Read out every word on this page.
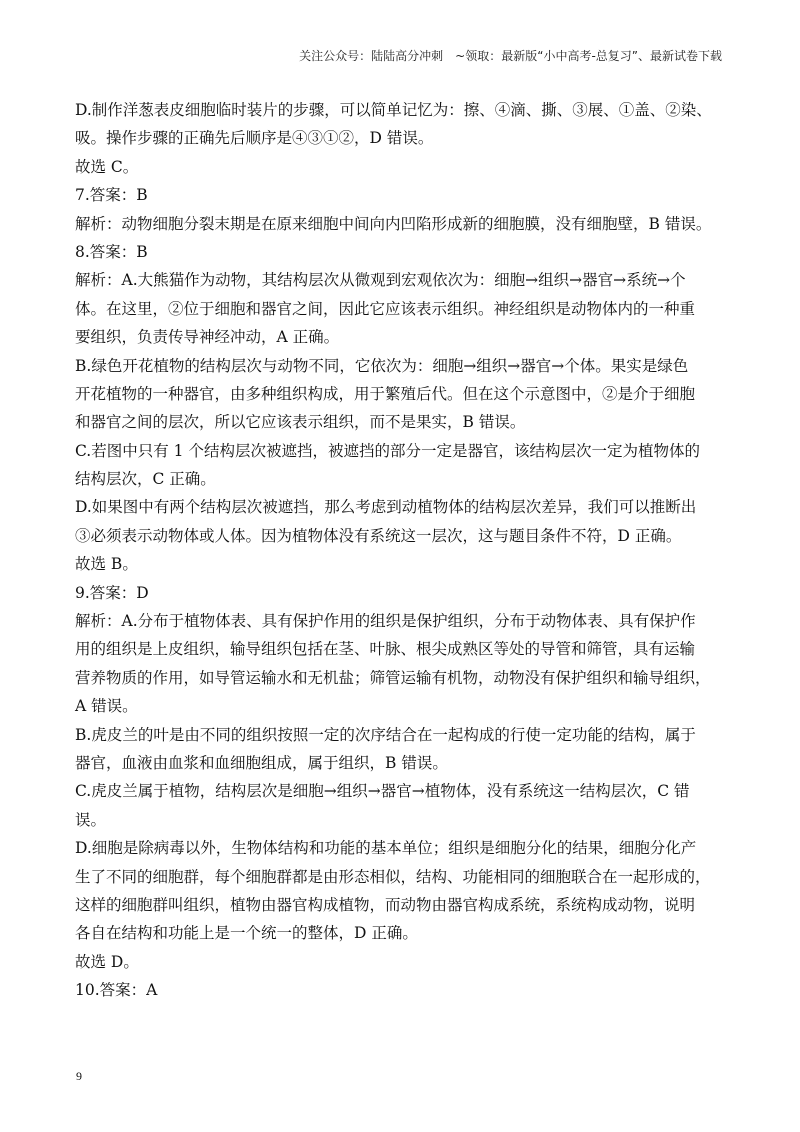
关注公众号：陆陆高分冲刺　~领取：最新版“小中高考-总复习”、最新试卷下载
D.制作洋葱表皮细胞临时装片的步骤，可以简单记忆为：擦、④滴、撕、③展、①盖、②染、
吸。操作步骤的正确先后顺序是④③①②，D 错误。
故选 C。
7.答案：B
解析：动物细胞分裂末期是在原来细胞中间向内凹陷形成新的细胞膜，没有细胞壁，B 错误。
8.答案：B
解析：A.大熊猫作为动物，其结构层次从微观到宏观依次为：细胞→组织→器官→系统→个
体。在这里，②位于细胞和器官之间，因此它应该表示组织。神经组织是动物体内的一种重
要组织，负责传导神经冲动，A 正确。
B.绿色开花植物的结构层次与动物不同，它依次为：细胞→组织→器官→个体。果实是绿色
开花植物的一种器官，由多种组织构成，用于繁殖后代。但在这个示意图中，②是介于细胞
和器官之间的层次，所以它应该表示组织，而不是果实，B 错误。
C.若图中只有 1 个结构层次被遮挡，被遮挡的部分一定是器官，该结构层次一定为植物体的
结构层次，C 正确。
D.如果图中有两个结构层次被遮挡，那么考虑到动植物体的结构层次差异，我们可以推断出
③必须表示动物体或人体。因为植物体没有系统这一层次，这与题目条件不符，D 正确。
故选 B。
9.答案：D
解析：A.分布于植物体表、具有保护作用的组织是保护组织，分布于动物体表、具有保护作
用的组织是上皮组织，输导组织包括在茎、叶脉、根尖成熟区等处的导管和筛管，具有运输
营养物质的作用，如导管运输水和无机盐；筛管运输有机物，动物没有保护组织和输导组织，
A 错误。
B.虎皮兰的叶是由不同的组织按照一定的次序结合在一起构成的行使一定功能的结构，属于
器官，血液由血浆和血细胞组成，属于组织，B 错误。
C.虎皮兰属于植物，结构层次是细胞→组织→器官→植物体，没有系统这一结构层次，C 错
误。
D.细胞是除病毒以外，生物体结构和功能的基本单位；组织是细胞分化的结果，细胞分化产
生了不同的细胞群，每个细胞群都是由形态相似，结构、功能相同的细胞联合在一起形成的，
这样的细胞群叫组织，植物由器官构成植物，而动物由器官构成系统，系统构成动物，说明
各自在结构和功能上是一个统一的整体，D 正确。
故选 D。
10.答案：A
9
